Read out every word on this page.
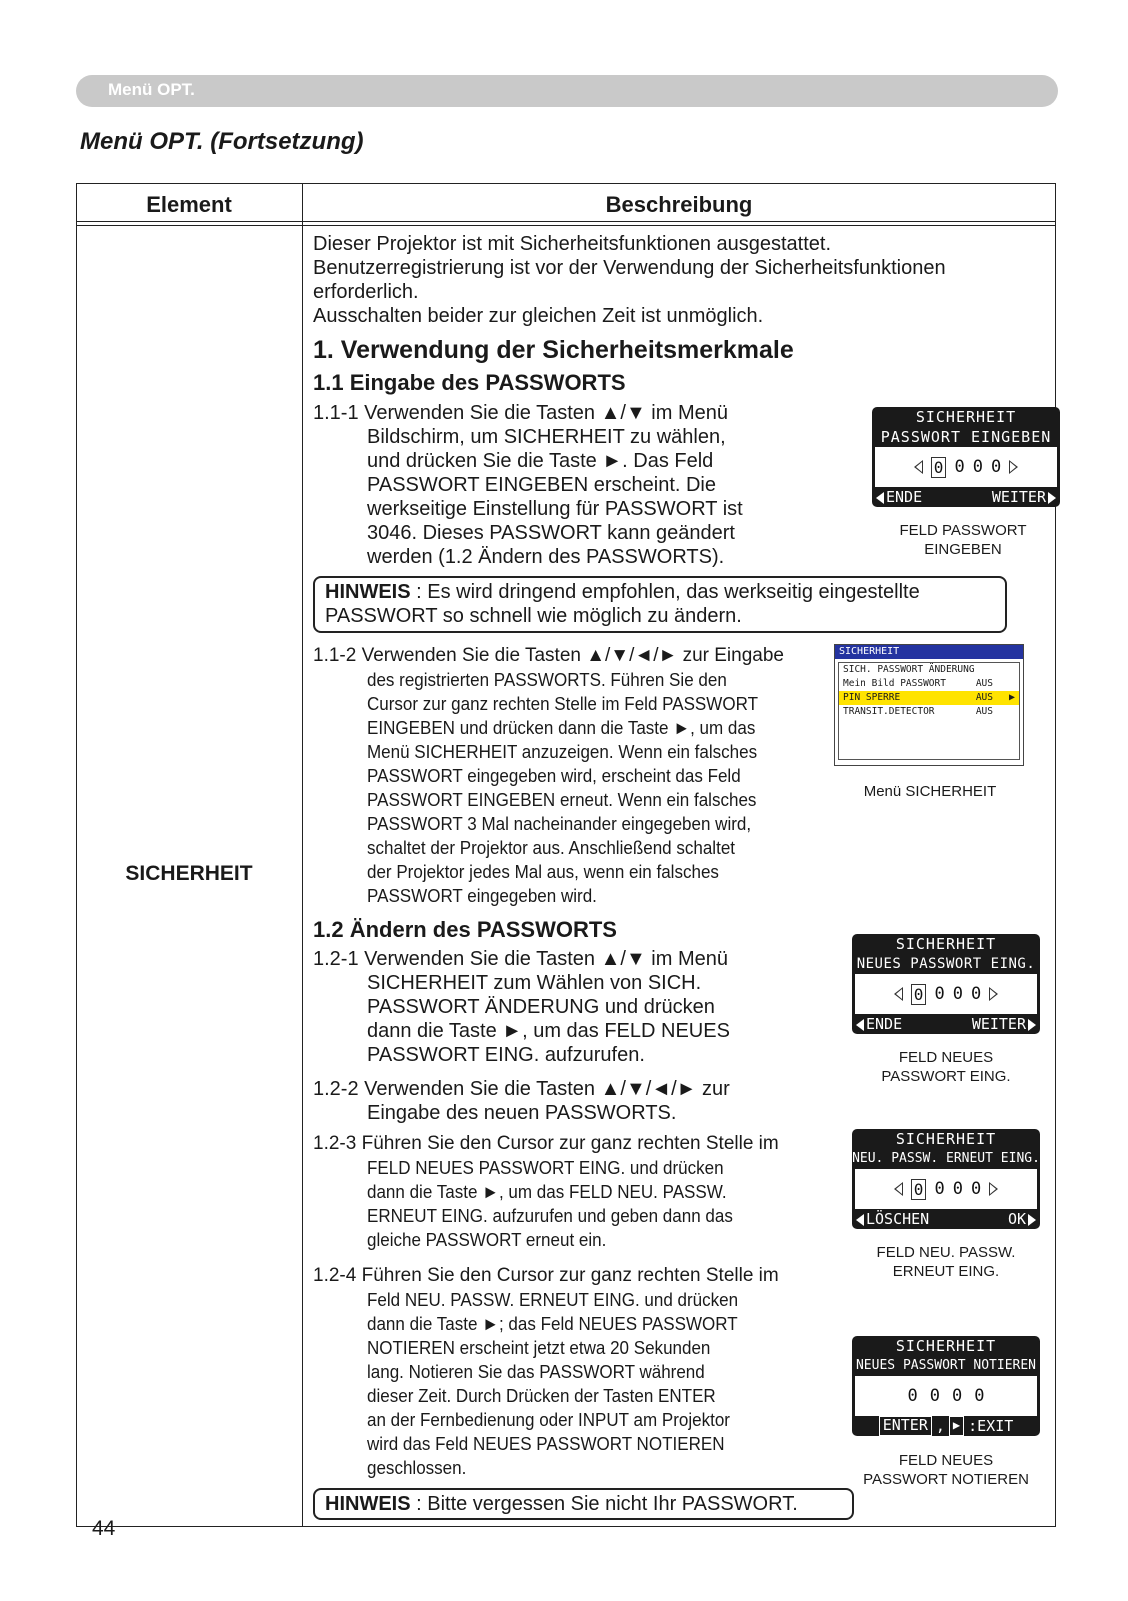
Menü OPT.
Menü OPT. (Fortsetzung)
Element	Beschreibung
SICHERHEIT
Dieser Projektor ist mit Sicherheitsfunktionen ausgestattet.
Benutzerregistrierung ist vor der Verwendung der Sicherheitsfunktionen
erforderlich.
Ausschalten beider zur gleichen Zeit ist unmöglich.
1. Verwendung der Sicherheitsmerkmale
1.1 Eingabe des PASSWORTS
1.1-1 Verwenden Sie die Tasten ▲/▼ im Menü
Bildschirm, um SICHERHEIT zu wählen,
und drücken Sie die Taste ►. Das Feld
PASSWORT EINGEBEN erscheint. Die
werkseitige Einstellung für PASSWORT ist
3046. Dieses PASSWORT kann geändert
werden (1.2 Ändern des PASSWORTS).
SICHERHEIT
PASSWORT EINGEBEN
0 0 0 0
ENDE	WEITER
FELD PASSWORT
EINGEBEN
HINWEIS : Es wird dringend empfohlen, das werkseitig eingestellte
PASSWORT so schnell wie möglich zu ändern.
1.1-2 Verwenden Sie die Tasten ▲/▼/◄/► zur Eingabe
des registrierten PASSWORTS. Führen Sie den
Cursor zur ganz rechten Stelle im Feld PASSWORT
EINGEBEN und drücken dann die Taste ►, um das
Menü SICHERHEIT anzuzeigen. Wenn ein falsches
PASSWORT eingegeben wird, erscheint das Feld
PASSWORT EINGEBEN erneut. Wenn ein falsches
PASSWORT 3 Mal nacheinander eingegeben wird,
schaltet der Projektor aus. Anschließend schaltet
der Projektor jedes Mal aus, wenn ein falsches
PASSWORT eingegeben wird.
SICHERHEIT
SICH. PASSWORT ÄNDERUNG
Mein Bild PASSWORT	AUS
PIN SPERRE	AUS ▶
TRANSIT.DETECTOR	AUS
Menü SICHERHEIT
1.2 Ändern des PASSWORTS
1.2-1 Verwenden Sie die Tasten ▲/▼ im Menü
SICHERHEIT zum Wählen von SICH.
PASSWORT ÄNDERUNG und drücken
dann die Taste ►, um das FELD NEUES
PASSWORT EING. aufzurufen.
SICHERHEIT
NEUES PASSWORT EING.
0 0 0 0
ENDE	WEITER
FELD NEUES
PASSWORT EING.
1.2-2 Verwenden Sie die Tasten ▲/▼/◄/► zur
Eingabe des neuen PASSWORTS.
1.2-3 Führen Sie den Cursor zur ganz rechten Stelle im
FELD NEUES PASSWORT EING. und drücken
dann die Taste ►, um das FELD NEU. PASSW.
ERNEUT EING. aufzurufen und geben dann das
gleiche PASSWORT erneut ein.
SICHERHEIT
NEU. PASSW. ERNEUT EING.
0 0 0 0
LÖSCHEN	OK
FELD NEU. PASSW.
ERNEUT EING.
1.2-4 Führen Sie den Cursor zur ganz rechten Stelle im
Feld NEU. PASSW. ERNEUT EING. und drücken
dann die Taste ►; das Feld NEUES PASSWORT
NOTIEREN erscheint jetzt etwa 20 Sekunden
lang. Notieren Sie das PASSWORT während
dieser Zeit. Durch Drücken der Tasten ENTER
an der Fernbedienung oder INPUT am Projektor
wird das Feld NEUES PASSWORT NOTIEREN
geschlossen.
SICHERHEIT
NEUES PASSWORT NOTIEREN
0 0 0 0
ENTER , ▶ :EXIT
FELD NEUES
PASSWORT NOTIEREN
HINWEIS : Bitte vergessen Sie nicht Ihr PASSWORT.
44
